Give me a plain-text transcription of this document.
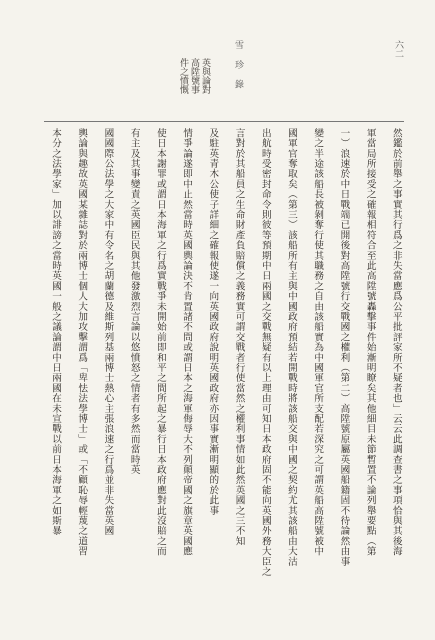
雪 珍 錄	六二
英與論對
高陞號事
件之憤慨
然鑑於前舉之事實其行爲之非失當應爲公平批評家所不疑者也」云云此調查書之事項恰與其後海
軍當局所接受之確報相符合至此高陞號轟擊事件始漸明瞭矣其他細目未節暫置不論列舉要點（第
一）浪速於中日戰端已開後對高陞號行交戰國之權利（第二）高陞號原屬英國船籍固不待論然由事
變之半途該船長被剝奪行使其職務之自由該船實為中國軍官所支配若深究之可謂英船高陞號被中
國軍官奪取矣（第三）該船所有主與中國政府預結若開戰時將該船交與中國之契約尤其該船由大沽
出航時受密封命令則彼等預期中日兩國之交戰無疑有以上理由可知日本政府固不能向英國外務大臣之
言對於其船員之生命財產負賠償之義務實可謂交戰者行使當然之權利事情如此然英國之三不知
及駐英青木公使子詳細之確報使遂一向英國政府說明英國政府亦因事實漸明顯的於此事
情爭論遂即中止然當時英國輿論決不肯置諸不問或謂日本之海軍侮辱大不列顛帝國之旗章英國應
使日本謝罪或謂日本海軍之行爲實戰爭未開始前即和平之間所起之暴行日本政府應對此沒賠之而
有主及其事變責之英國臣民與其他發激烈言論以悠憤怒之情者有多然而當時英
國國際公法學之大家中有令名之胡蘭德及維斯列基兩博士熱心主張浪速之行爲並非失當英國
輿論與趣故英國某雜誌對於兩博士個人大加攻擊謂爲「卑怯法學博士」或「不顧恥辱輕蔑之道習
本分之法學家」加以誹謗之當時英國一般之議論謂中日兩國在未宣戰以前日本海軍之如斯暴
